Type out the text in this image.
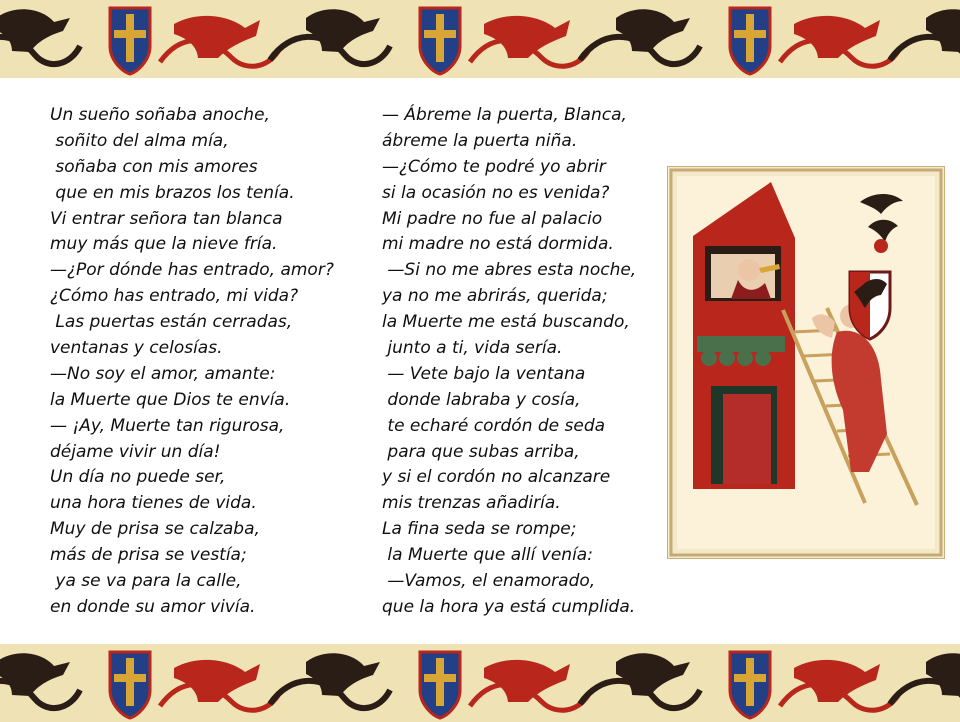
Un sueño soñaba anoche,
soñito del alma mía,
soñaba con mis amores
que en mis brazos los tenía.
Vi entrar señora tan blanca
muy más que la nieve fría.
—¿Por dónde has entrado, amor?
¿Cómo has entrado, mi vida?
Las puertas están cerradas,
ventanas y celosías.
—No soy el amor, amante:
la Muerte que Dios te envía.
— ¡Ay, Muerte tan rigurosa,
déjame vivir un día!
Un día no puede ser,
una hora tienes de vida.
Muy de prisa se calzaba,
más de prisa se vestía;
ya se va para la calle,
en donde su amor vivía.
— Ábreme la puerta, Blanca,
ábreme la puerta niña.
—¿Cómo te podré yo abrir
si la ocasión no es venida?
Mi padre no fue al palacio
mi madre no está dormida.
—Si no me abres esta noche,
ya no me abrirás, querida;
la Muerte me está buscando,
junto a ti, vida sería.
— Vete bajo la ventana
donde labraba y cosía,
te echaré cordón de seda
para que subas arriba,
y si el cordón no alcanzare
mis trenzas añadiría.
La fina seda se rompe;
la Muerte que allí venía:
—Vamos, el enamorado,
que la hora ya está cumplida.
